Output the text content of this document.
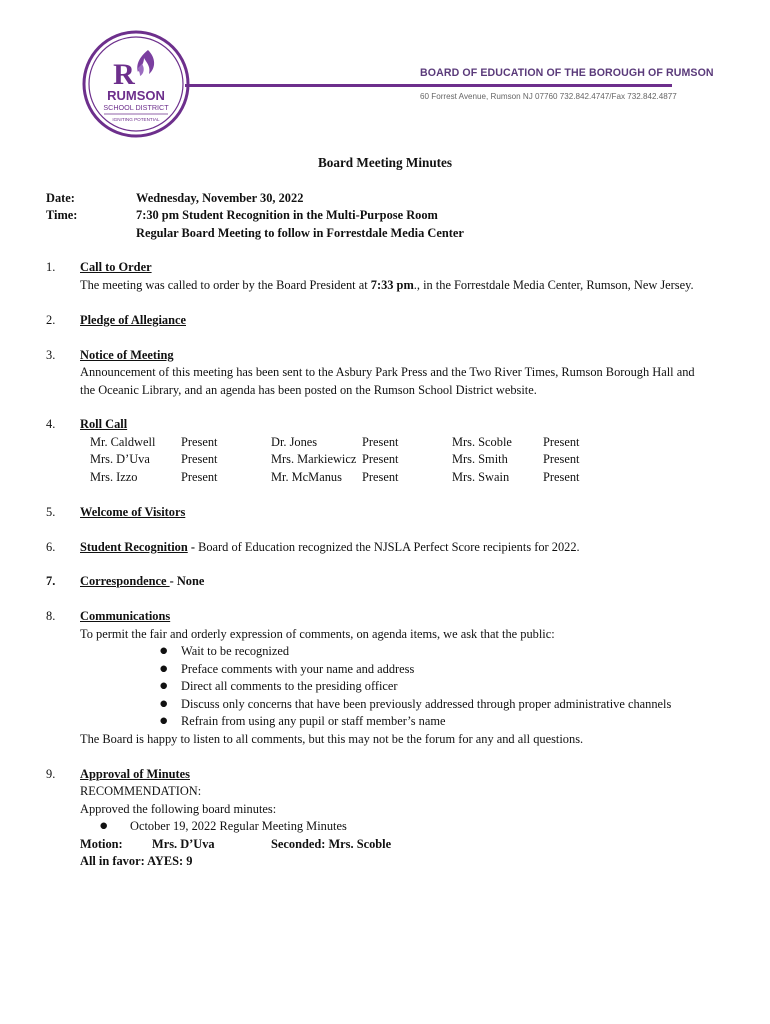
R
RUMSON
SCHOOL DISTRICT
IGNITING POTENTIAL
BOARD OF EDUCATION OF THE BOROUGH OF RUMSON
60 Forrest Avenue, Rumson NJ 07760 732.842.4747/Fax 732.842.4877
Board Meeting Minutes
Date:	Wednesday, November 30, 2022
Time:	7:30 pm Student Recognition in the Multi-Purpose Room
Regular Board Meeting to follow in Forrestdale Media Center
1. Call to Order
The meeting was called to order by the Board President at 7:33 pm., in the Forrestdale Media Center, Rumson, New Jersey.
2. Pledge of Allegiance
3. Notice of Meeting
Announcement of this meeting has been sent to the Asbury Park Press and the Two River Times, Rumson Borough Hall and
the Oceanic Library, and an agenda has been posted on the Rumson School District website.
4. Roll Call
Mr. Caldwell Present	Dr. Jones	Present	Mrs. Scoble	Present
Mrs. D’Uva	Present	Mrs. Markiewicz Present	Mrs. Smith	Present
Mrs. Izzo	Present	Mr. McManus Present	Mrs. Swain	Present
5. Welcome of Visitors
6. Student Recognition - Board of Education recognized the NJSLA Perfect Score recipients for 2022.
7. Correspondence - None
8. Communications
To permit the fair and orderly expression of comments, on agenda items, we ask that the public:
● Wait to be recognized
● Preface comments with your name and address
● Direct all comments to the presiding officer
● Discuss only concerns that have been previously addressed through proper administrative channels
● Refrain from using any pupil or staff member’s name
The Board is happy to listen to all comments, but this may not be the forum for any and all questions.
9. Approval of Minutes
RECOMMENDATION:
Approved the following board minutes:
● October 19, 2022 Regular Meeting Minutes
Motion: Mrs. D’Uva	Seconded: Mrs. Scoble
All in favor: AYES: 9
